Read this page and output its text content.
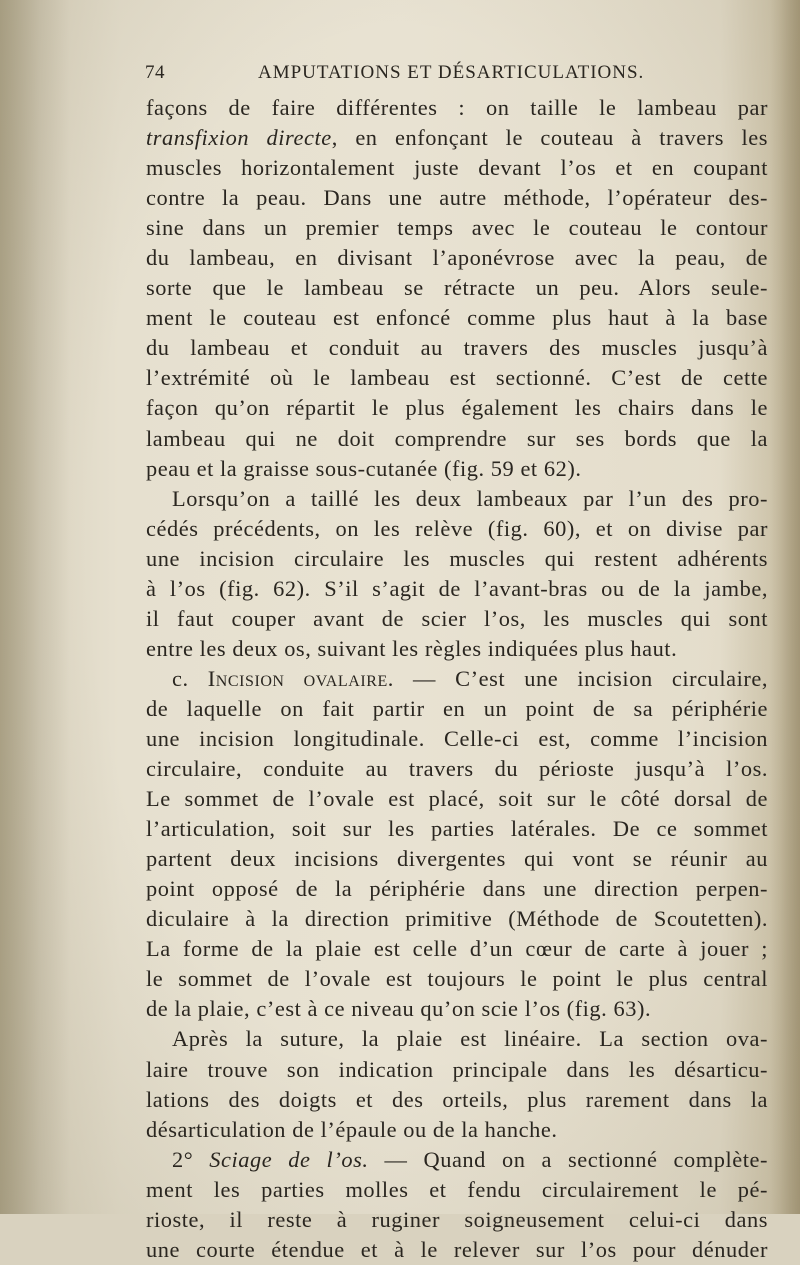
74	AMPUTATIONS ET DÉSARTICULATIONS.
façons de faire différentes : on taille le lambeau par
transfixion directe, en enfonçant le couteau à travers les
muscles horizontalement juste devant l’os et en coupant
contre la peau. Dans une autre méthode, l’opérateur des-
sine dans un premier temps avec le couteau le contour
du lambeau, en divisant l’aponévrose avec la peau, de
sorte que le lambeau se rétracte un peu. Alors seule-
ment le couteau est enfoncé comme plus haut à la base
du lambeau et conduit au travers des muscles jusqu’à
l’extrémité où le lambeau est sectionné. C’est de cette
façon qu’on répartit le plus également les chairs dans le
lambeau qui ne doit comprendre sur ses bords que la
peau et la graisse sous-cutanée (fig. 59 et 62).
Lorsqu’on a taillé les deux lambeaux par l’un des pro-
cédés précédents, on les relève (fig. 60), et on divise par
une incision circulaire les muscles qui restent adhérents
à l’os (fig. 62). S’il s’agit de l’avant-bras ou de la jambe,
il faut couper avant de scier l’os, les muscles qui sont
entre les deux os, suivant les règles indiquées plus haut.
c. Incision ovalaire. — C’est une incision circulaire,
de laquelle on fait partir en un point de sa périphérie
une incision longitudinale. Celle-ci est, comme l’incision
circulaire, conduite au travers du périoste jusqu’à l’os.
Le sommet de l’ovale est placé, soit sur le côté dorsal de
l’articulation, soit sur les parties latérales. De ce sommet
partent deux incisions divergentes qui vont se réunir au
point opposé de la périphérie dans une direction perpen-
diculaire à la direction primitive (Méthode de Scoutetten).
La forme de la plaie est celle d’un cœur de carte à jouer ;
le sommet de l’ovale est toujours le point le plus central
de la plaie, c’est à ce niveau qu’on scie l’os (fig. 63).
Après la suture, la plaie est linéaire. La section ova-
laire trouve son indication principale dans les désarticu-
lations des doigts et des orteils, plus rarement dans la
désarticulation de l’épaule ou de la hanche.
2° Sciage de l’os. — Quand on a sectionné complète-
ment les parties molles et fendu circulairement le pé-
rioste, il reste à ruginer soigneusement celui-ci dans
une courte étendue et à le relever sur l’os pour dénuder
